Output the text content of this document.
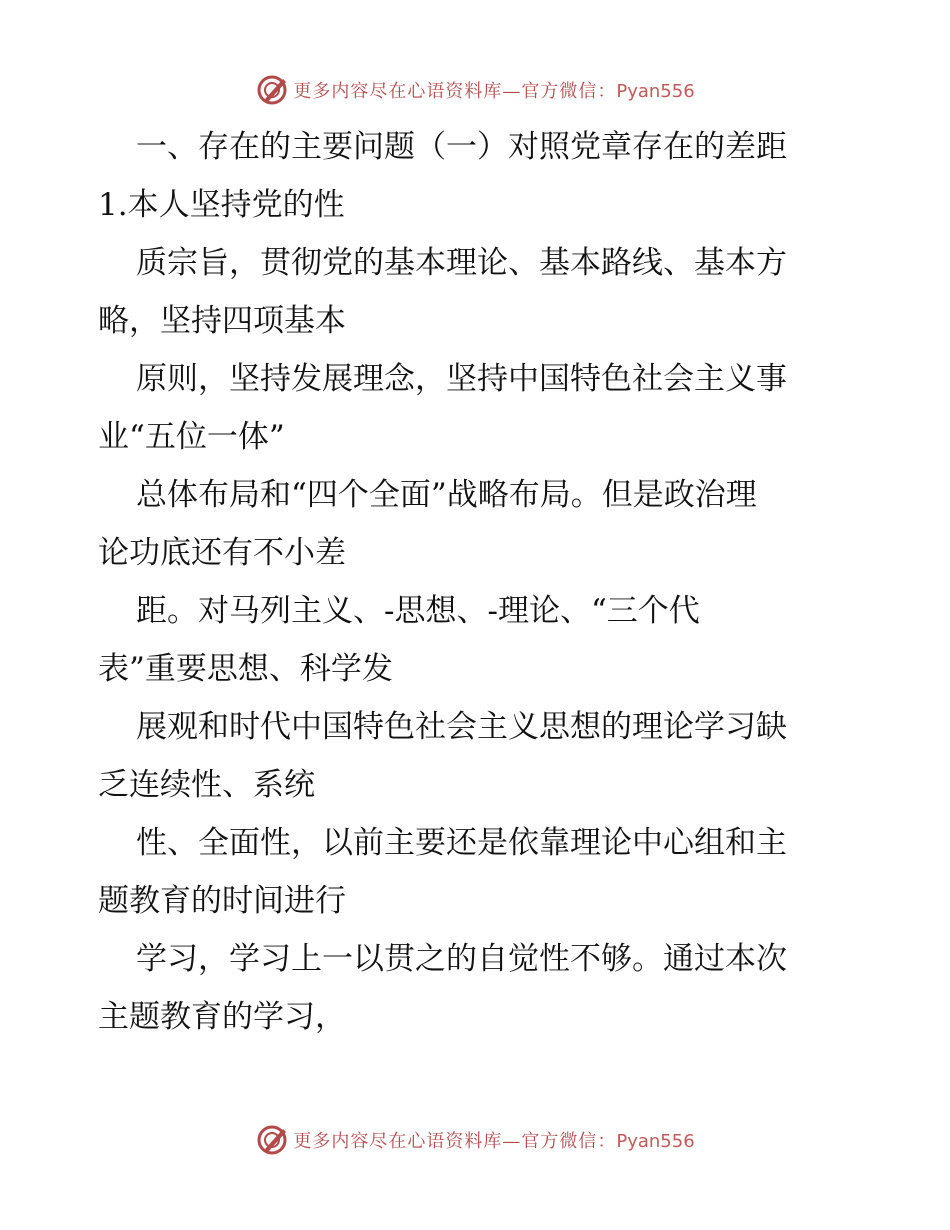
更多内容尽在心语资料库—官方微信：Pyan556
一、存在的主要问题（一）对照党章存在的差距
1.本人坚持党的性
质宗旨，贯彻党的基本理论、基本路线、基本方
略，坚持四项基本
原则，坚持发展理念，坚持中国特色社会主义事
业“五位一体”
总体布局和“四个全面”战略布局。但是政治理
论功底还有不小差
距。对马列主义、-思想、-理论、“三个代
表”重要思想、科学发
展观和时代中国特色社会主义思想的理论学习缺
乏连续性、系统
性、全面性，以前主要还是依靠理论中心组和主
题教育的时间进行
学习，学习上一以贯之的自觉性不够。通过本次
主题教育的学习，
更多内容尽在心语资料库—官方微信：Pyan556
